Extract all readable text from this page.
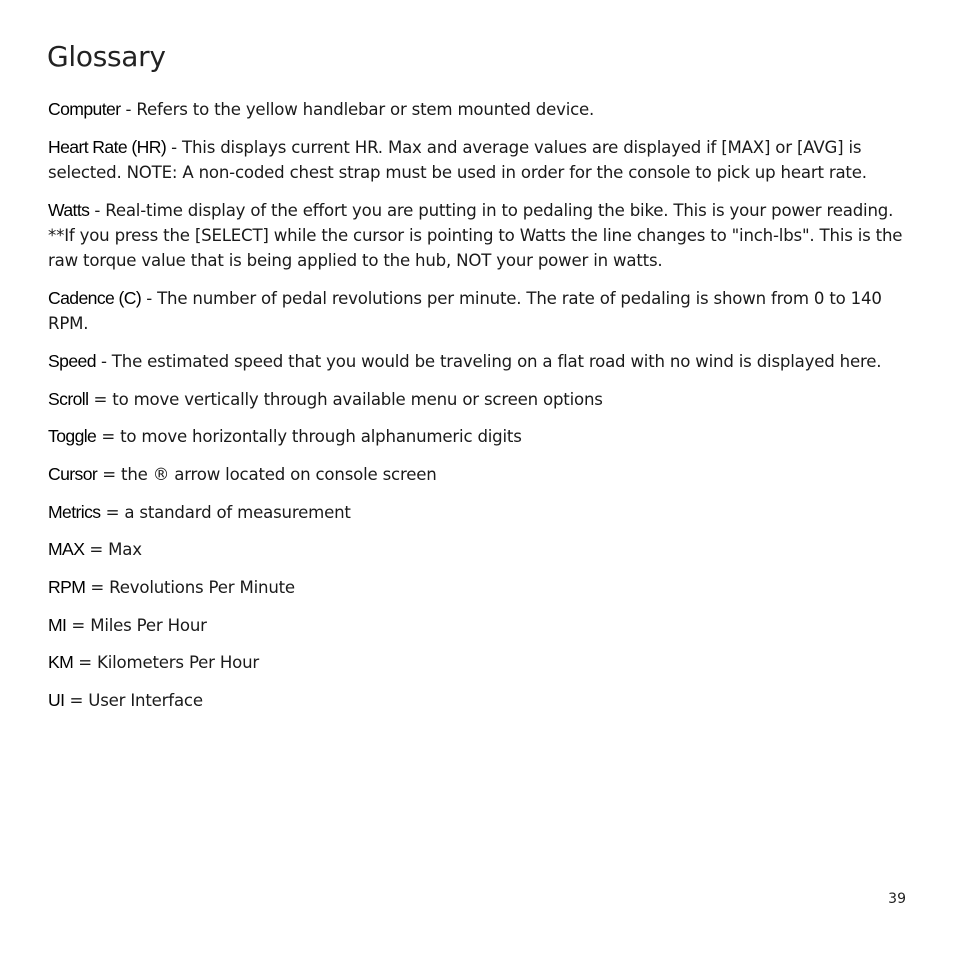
Glossary

Computer - Refers to the yellow handlebar or stem mounted device.

Heart Rate (HR) - This displays current HR. Max and average values are displayed if [MAX] or [AVG] is selected. NOTE: A non-coded chest strap must be used in order for the console to pick up heart rate.

Watts - Real-time display of the effort you are putting in to pedaling the bike. This is your power reading. **If you press the [SELECT] while the cursor is pointing to Watts the line changes to "inch-lbs". This is the raw torque value that is being applied to the hub, NOT your power in watts.

Cadence (C) - The number of pedal revolutions per minute. The rate of pedaling is shown from 0 to 140 RPM.

Speed - The estimated speed that you would be traveling on a flat road with no wind is displayed here.

Scroll = to move vertically through available menu or screen options

Toggle = to move horizontally through alphanumeric digits

Cursor = the ® arrow located on console screen

Metrics = a standard of measurement

MAX = Max

RPM = Revolutions Per Minute

MI = Miles Per Hour

KM = Kilometers Per Hour

UI = User Interface

39
